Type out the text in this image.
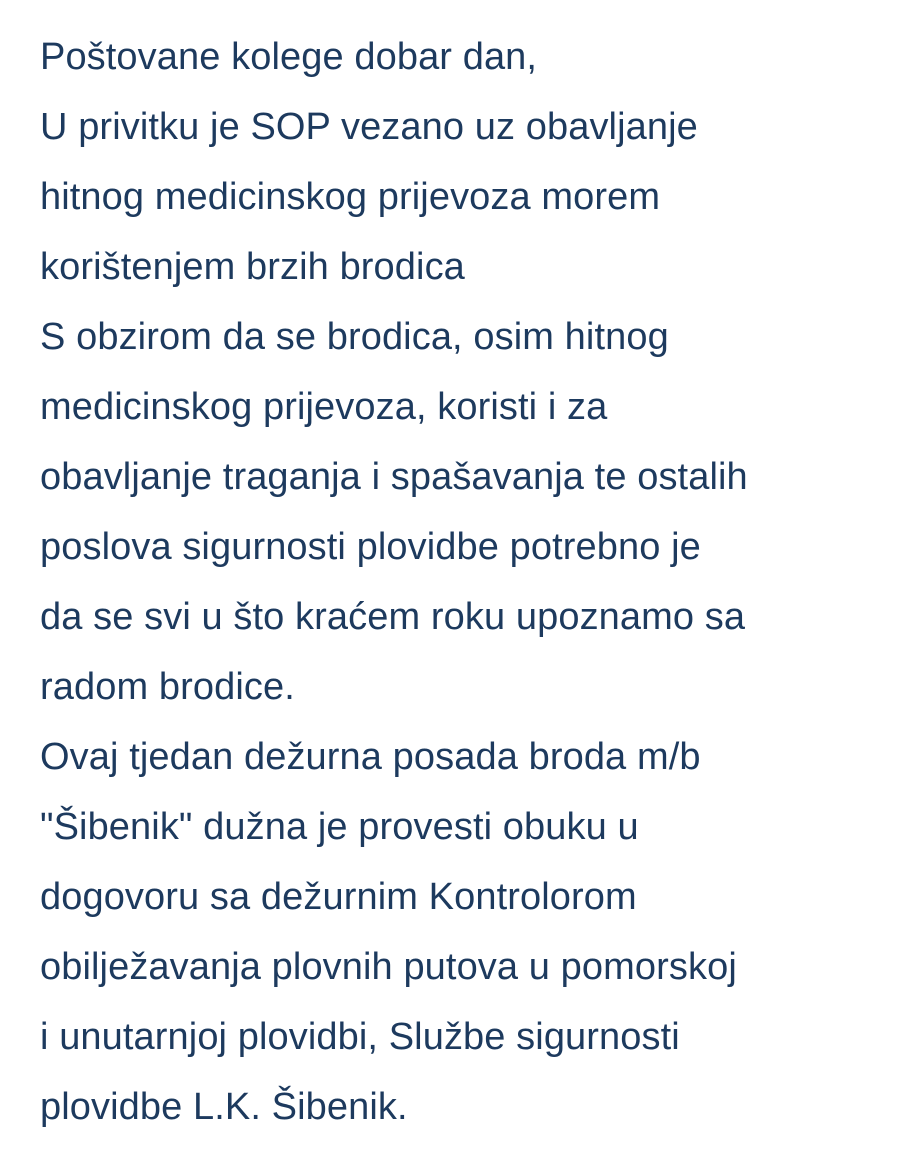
Poštovane kolege dobar dan,
U privitku je SOP vezano uz obavljanje
hitnog medicinskog prijevoza morem
korištenjem brzih brodica
S obzirom da se brodica, osim hitnog
medicinskog prijevoza, koristi i za
obavljanje traganja i spašavanja te ostalih
poslova sigurnosti plovidbe potrebno je
da se svi u što kraćem roku upoznamo sa
radom brodice.
Ovaj tjedan dežurna posada broda m/b
"Šibenik" dužna je provesti obuku u
dogovoru sa dežurnim Kontrolorom
obilježavanja plovnih putova u pomorskoj
i unutarnjoj plovidbi, Službe sigurnosti
plovidbe L.K. Šibenik.
